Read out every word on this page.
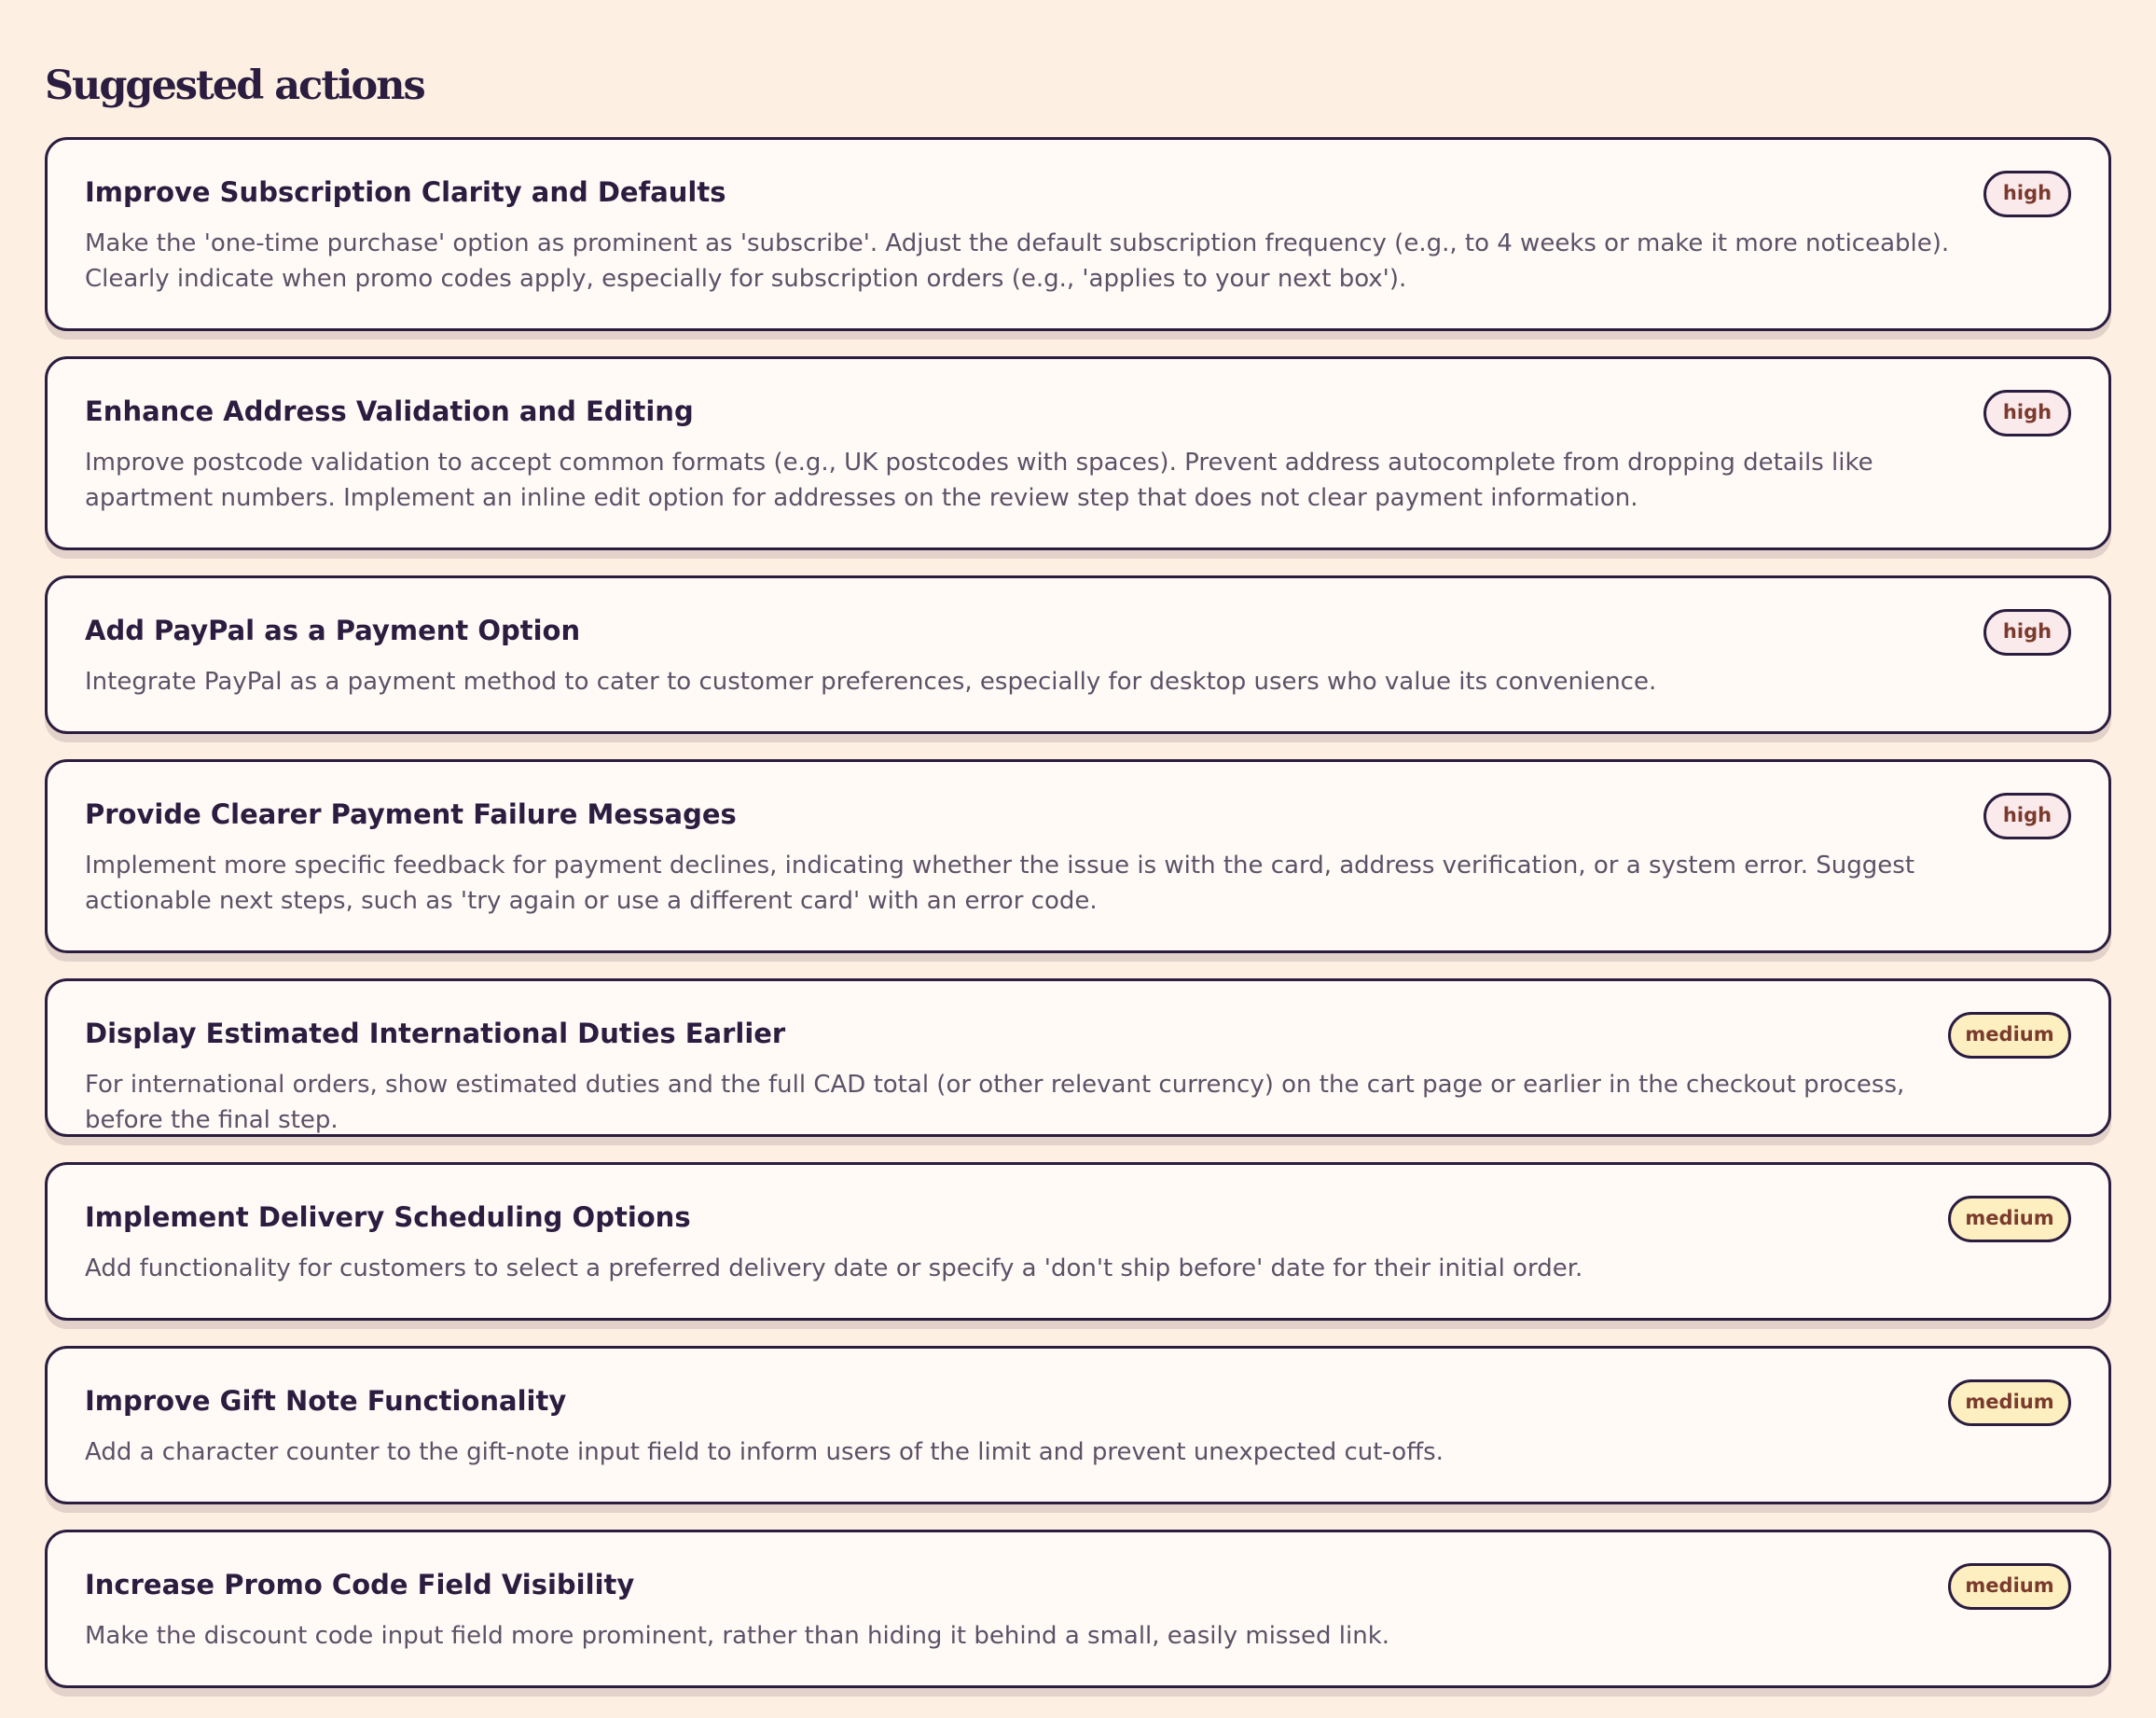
Suggested actions
Improve Subscription Clarity and Defaults	high
Make the 'one-time purchase' option as prominent as 'subscribe'. Adjust the default subscription frequency (e.g., to 4 weeks or make it more noticeable). Clearly indicate when promo codes apply, especially for subscription orders (e.g., 'applies to your next box').
Enhance Address Validation and Editing	high
Improve postcode validation to accept common formats (e.g., UK postcodes with spaces). Prevent address autocomplete from dropping details like apartment numbers. Implement an inline edit option for addresses on the review step that does not clear payment information.
Add PayPal as a Payment Option	high
Integrate PayPal as a payment method to cater to customer preferences, especially for desktop users who value its convenience.
Provide Clearer Payment Failure Messages	high
Implement more specific feedback for payment declines, indicating whether the issue is with the card, address verification, or a system error. Suggest actionable next steps, such as 'try again or use a different card' with an error code.
Display Estimated International Duties Earlier	medium
For international orders, show estimated duties and the full CAD total (or other relevant currency) on the cart page or earlier in the checkout process, before the final step.
Implement Delivery Scheduling Options	medium
Add functionality for customers to select a preferred delivery date or specify a 'don't ship before' date for their initial order.
Improve Gift Note Functionality	medium
Add a character counter to the gift-note input field to inform users of the limit and prevent unexpected cut-offs.
Increase Promo Code Field Visibility	medium
Make the discount code input field more prominent, rather than hiding it behind a small, easily missed link.
